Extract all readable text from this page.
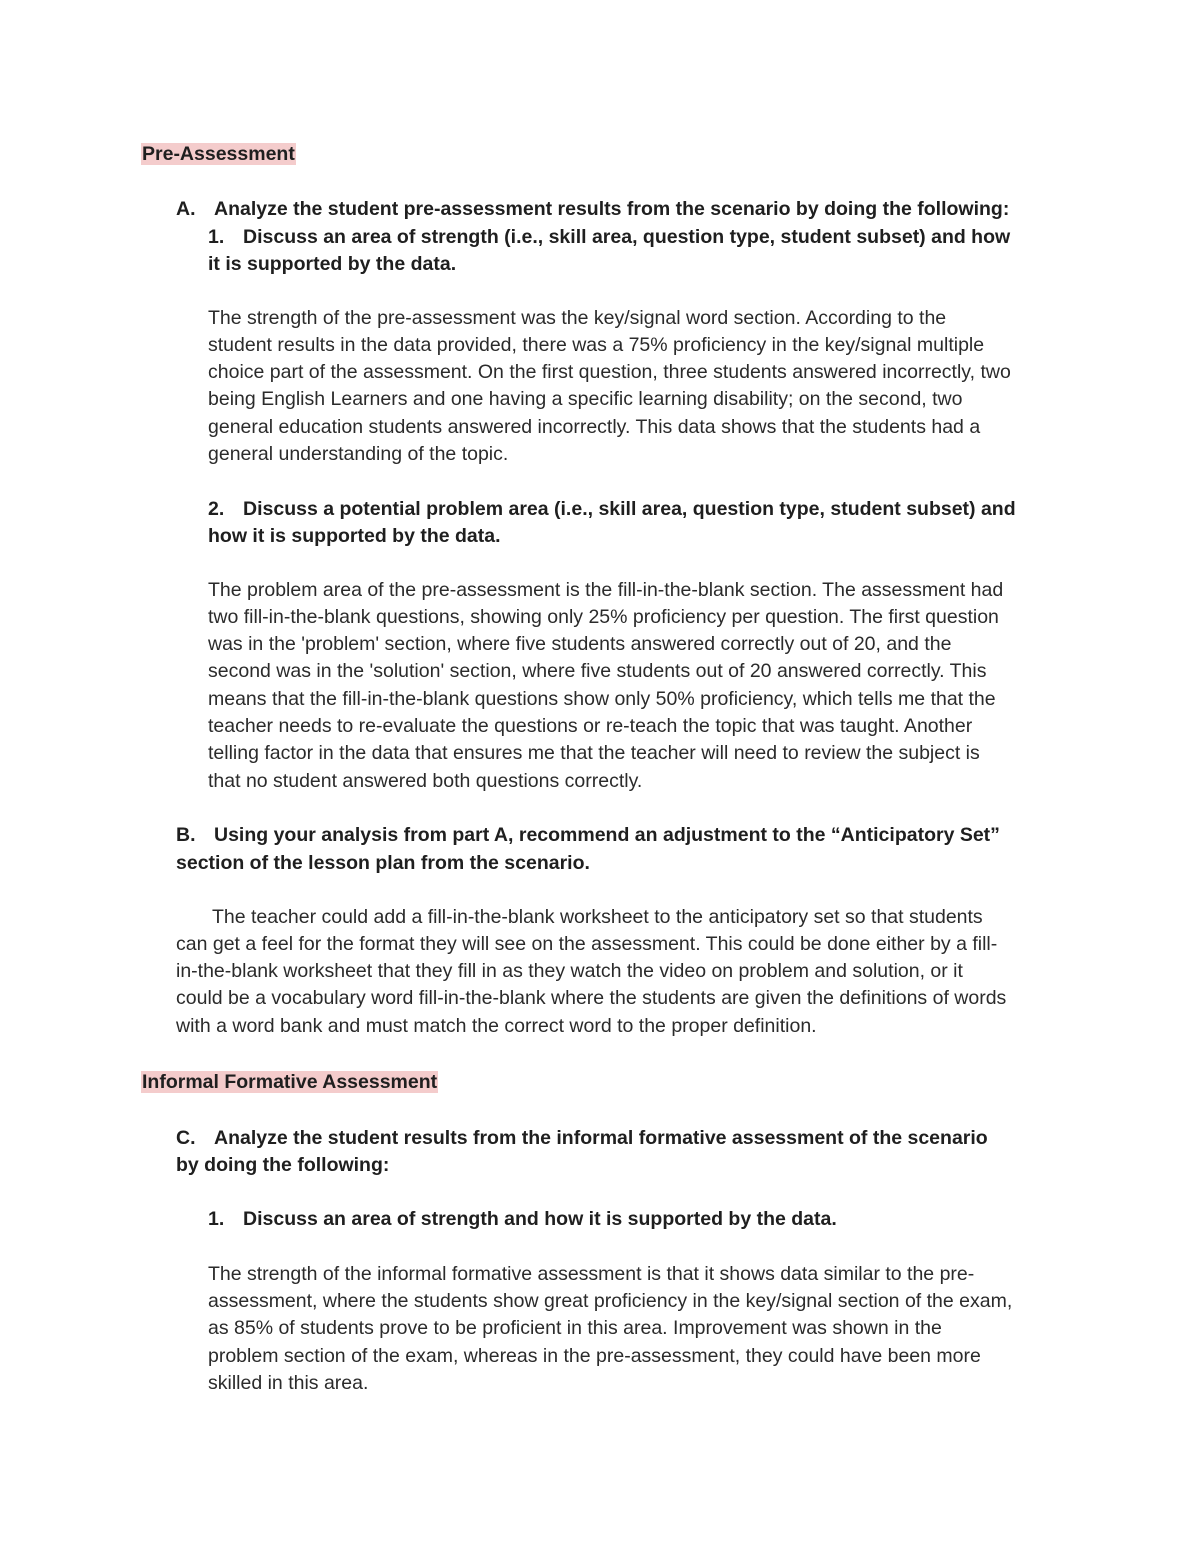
Pre-Assessment
A. Analyze the student pre-assessment results from the scenario by doing the following:
1. Discuss an area of strength (i.e., skill area, question type, student subset) and how
it is supported by the data.
The strength of the pre-assessment was the key/signal word section. According to the
student results in the data provided, there was a 75% proficiency in the key/signal multiple
choice part of the assessment. On the first question, three students answered incorrectly, two
being English Learners and one having a specific learning disability; on the second, two
general education students answered incorrectly. This data shows that the students had a
general understanding of the topic.
2. Discuss a potential problem area (i.e., skill area, question type, student subset) and
how it is supported by the data.
The problem area of the pre-assessment is the fill-in-the-blank section. The assessment had
two fill-in-the-blank questions, showing only 25% proficiency per question. The first question
was in the 'problem' section, where five students answered correctly out of 20, and the
second was in the 'solution' section, where five students out of 20 answered correctly. This
means that the fill-in-the-blank questions show only 50% proficiency, which tells me that the
teacher needs to re-evaluate the questions or re-teach the topic that was taught. Another
telling factor in the data that ensures me that the teacher will need to review the subject is
that no student answered both questions correctly.
B. Using your analysis from part A, recommend an adjustment to the “Anticipatory Set”
section of the lesson plan from the scenario.
The teacher could add a fill-in-the-blank worksheet to the anticipatory set so that students
can get a feel for the format they will see on the assessment. This could be done either by a fill-
in-the-blank worksheet that they fill in as they watch the video on problem and solution, or it
could be a vocabulary word fill-in-the-blank where the students are given the definitions of words
with a word bank and must match the correct word to the proper definition.
Informal Formative Assessment
C. Analyze the student results from the informal formative assessment of the scenario
by doing the following:
1. Discuss an area of strength and how it is supported by the data.
The strength of the informal formative assessment is that it shows data similar to the pre-
assessment, where the students show great proficiency in the key/signal section of the exam,
as 85% of students prove to be proficient in this area. Improvement was shown in the
problem section of the exam, whereas in the pre-assessment, they could have been more
skilled in this area.
